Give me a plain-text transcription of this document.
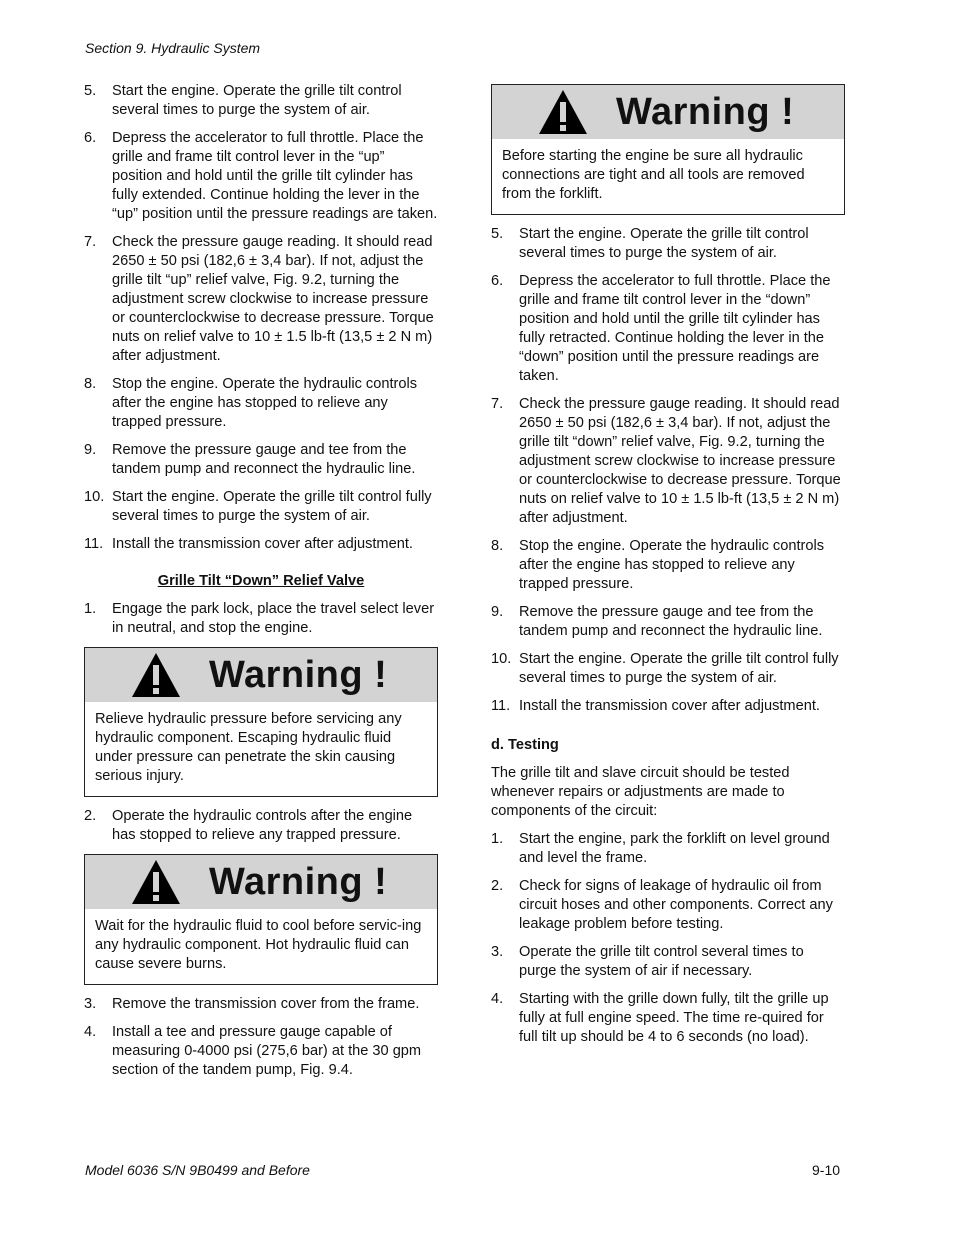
Section 9. Hydraulic System
5. Start the engine. Operate the grille tilt control several times to purge the system of air.
6. Depress the accelerator to full throttle. Place the grille and frame tilt control lever in the “up” position and hold until the grille tilt cylinder has fully extended. Continue holding the lever in the “up” position until the pressure readings are taken.
7. Check the pressure gauge reading. It should read 2650 ± 50 psi (182,6 ± 3,4 bar). If not, adjust the grille tilt “up” relief valve, Fig. 9.2, turning the adjustment screw clockwise to increase pressure or counterclockwise to decrease pressure. Torque nuts on relief valve to 10 ± 1.5 lb-ft (13,5 ± 2 N m) after adjustment.
8. Stop the engine. Operate the hydraulic controls after the engine has stopped to relieve any trapped pressure.
9. Remove the pressure gauge and tee from the tandem pump and reconnect the hydraulic line.
10. Start the engine. Operate the grille tilt control fully several times to purge the system of air.
11. Install the transmission cover after adjustment.
Grille Tilt “Down” Relief Valve
1. Engage the park lock, place the travel select lever in neutral, and stop the engine.
Warning !
Relieve hydraulic pressure before servicing any hydraulic component. Escaping hydraulic fluid under pressure can penetrate the skin causing serious injury.
2. Operate the hydraulic controls after the engine has stopped to relieve any trapped pressure.
Warning !
Wait for the hydraulic fluid to cool before servic-ing any hydraulic component. Hot hydraulic fluid can cause severe burns.
3. Remove the transmission cover from the frame.
4. Install a tee and pressure gauge capable of measuring 0-4000 psi (275,6 bar) at the 30 gpm section of the tandem pump, Fig. 9.4.
Warning !
Before starting the engine be sure all hydraulic connections are tight and all tools are removed from the forklift.
5. Start the engine. Operate the grille tilt control several times to purge the system of air.
6. Depress the accelerator to full throttle. Place the grille and frame tilt control lever in the “down” position and hold until the grille tilt cylinder has fully retracted. Continue holding the lever in the “down” position until the pressure readings are taken.
7. Check the pressure gauge reading. It should read 2650 ± 50 psi (182,6 ± 3,4 bar). If not, adjust the grille tilt “down” relief valve, Fig. 9.2, turning the adjustment screw clockwise to increase pressure or counterclockwise to decrease pressure. Torque nuts on relief valve to 10 ± 1.5 lb-ft (13,5 ± 2 N m) after adjustment.
8. Stop the engine. Operate the hydraulic controls after the engine has stopped to relieve any trapped pressure.
9. Remove the pressure gauge and tee from the tandem pump and reconnect the hydraulic line.
10. Start the engine. Operate the grille tilt control fully several times to purge the system of air.
11. Install the transmission cover after adjustment.
d. Testing
The grille tilt and slave circuit should be tested whenever repairs or adjustments are made to components of the circuit:
1. Start the engine, park the forklift on level ground and level the frame.
2. Check for signs of leakage of hydraulic oil from circuit hoses and other components. Correct any leakage problem before testing.
3. Operate the grille tilt control several times to purge the system of air if necessary.
4. Starting with the grille down fully, tilt the grille up fully at full engine speed. The time re-quired for full tilt up should be 4 to 6 seconds (no load).
Model 6036 S/N 9B0499 and Before	9-10
